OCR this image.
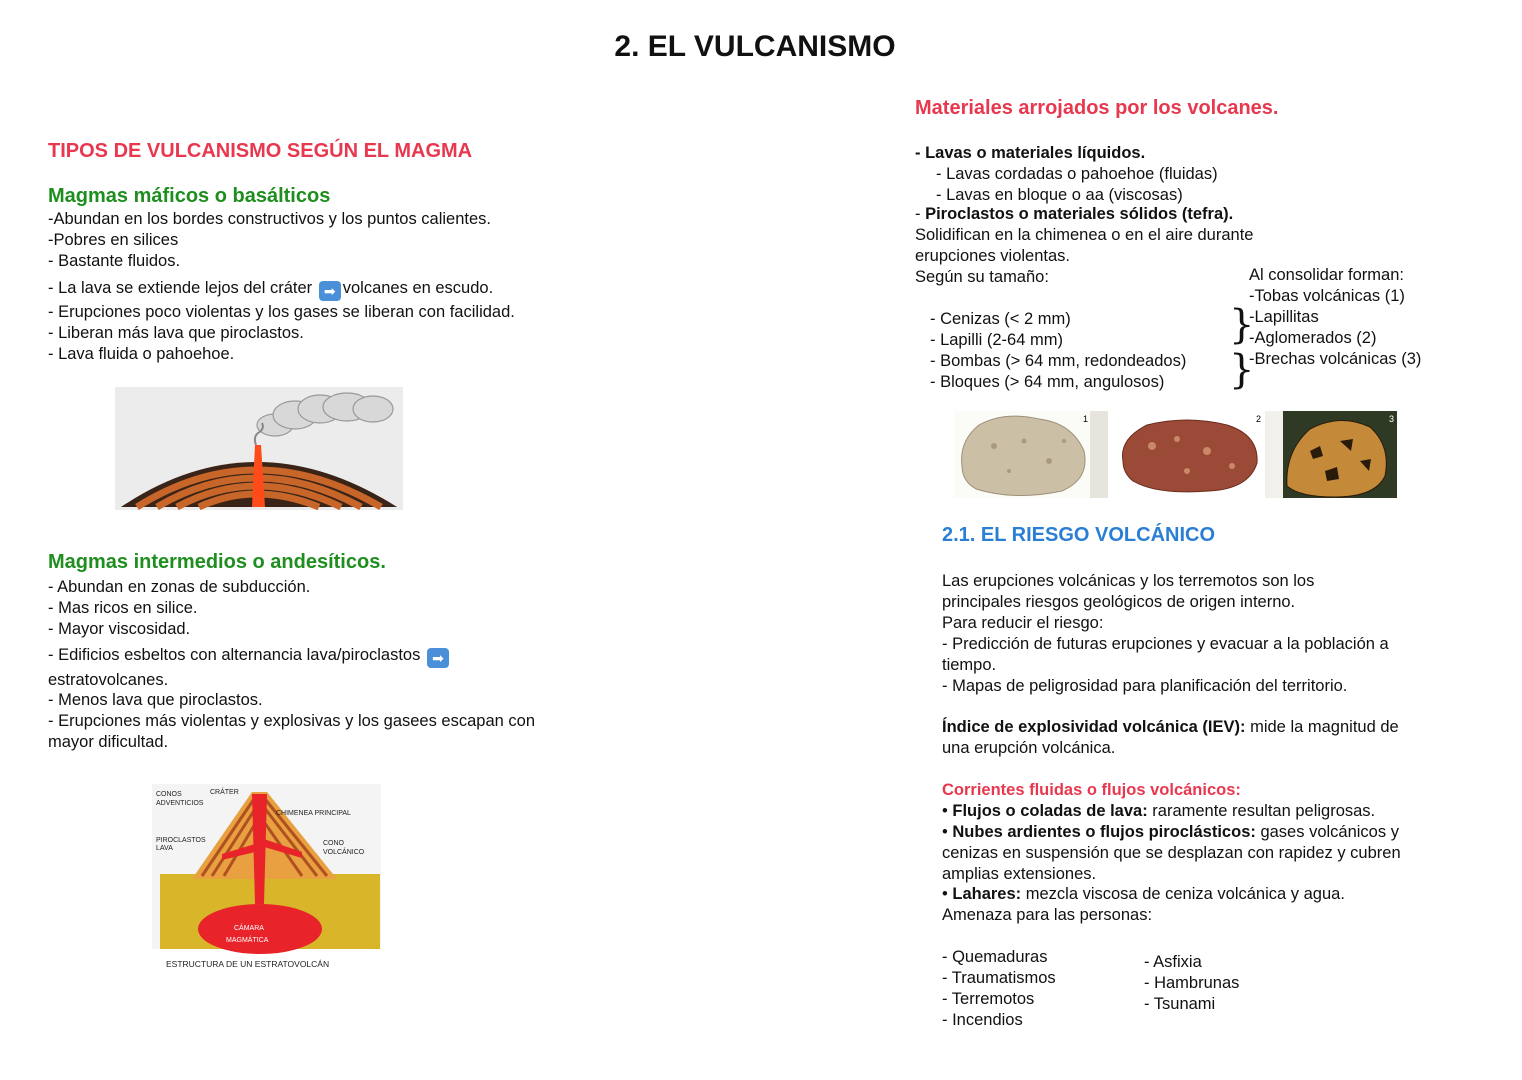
2. EL VULCANISMO
TIPOS DE VULCANISMO SEGÚN EL MAGMA
Magmas máficos o basálticos
-Abundan en los bordes constructivos y los puntos calientes.
-Pobres en silices
- Bastante fluidos.
- La lava se extiende lejos del cráter ➡ volcanes en escudo.
- Erupciones poco violentas y los gases se liberan con facilidad.
- Liberan más lava que piroclastos.
- Lava fluida o pahoehoe.
Magmas intermedios o andesíticos.
- Abundan en zonas de subducción.
- Mas ricos en silice.
- Mayor viscosidad.
- Edificios esbeltos con alternancia lava/piroclastos ➡
estratovolcanes.
- Menos lava que piroclastos.
- Erupciones más violentas y explosivas y los gasees escapan con
mayor dificultad.
CONOS
ADVENTICIOS
CRÁTER
CHIMENEA PRINCIPAL
PIROCLASTOS
LAVA
CONO
VOLCÁNICO
CÁMARA
MAGMÁTICA
ESTRUCTURA DE UN ESTRATOVOLCÁN
Materiales arrojados por los volcanes.
- Lavas o materiales líquidos.
- Lavas cordadas o pahoehoe (fluidas)
- Lavas en bloque o aa (viscosas)
- Piroclastos o materiales sólidos (tefra).
Solidifican en la chimenea o en el aire durante
erupciones violentas.
Según su tamaño:
- Cenizas (< 2 mm)
- Lapilli (2-64 mm)
- Bombas (> 64 mm, redondeados)
- Bloques (> 64 mm, angulosos)
}
}
Al consolidar forman:
-Tobas volcánicas (1)
-Lapillitas
-Aglomerados (2)
-Brechas volcánicas (3)
1	2	3
2.1. EL RIESGO VOLCÁNICO
Las erupciones volcánicas y los terremotos son los
principales riesgos geológicos de origen interno.
Para reducir el riesgo:
- Predicción de futuras erupciones y evacuar a la población a
tiempo.
- Mapas de peligrosidad para planificación del territorio.
Índice de explosividad volcánica (IEV): mide la magnitud de
una erupción volcánica.
Corrientes fluidas o flujos volcánicos:
• Flujos o coladas de lava: raramente resultan peligrosas.
• Nubes ardientes o flujos piroclásticos: gases volcánicos y
cenizas en suspensión que se desplazan con rapidez y cubren
amplias extensiones.
• Lahares: mezcla viscosa de ceniza volcánica y agua.
Amenaza para las personas:
- Quemaduras
- Traumatismos
- Terremotos
- Incendios
- Asfixia
- Hambrunas
- Tsunami
